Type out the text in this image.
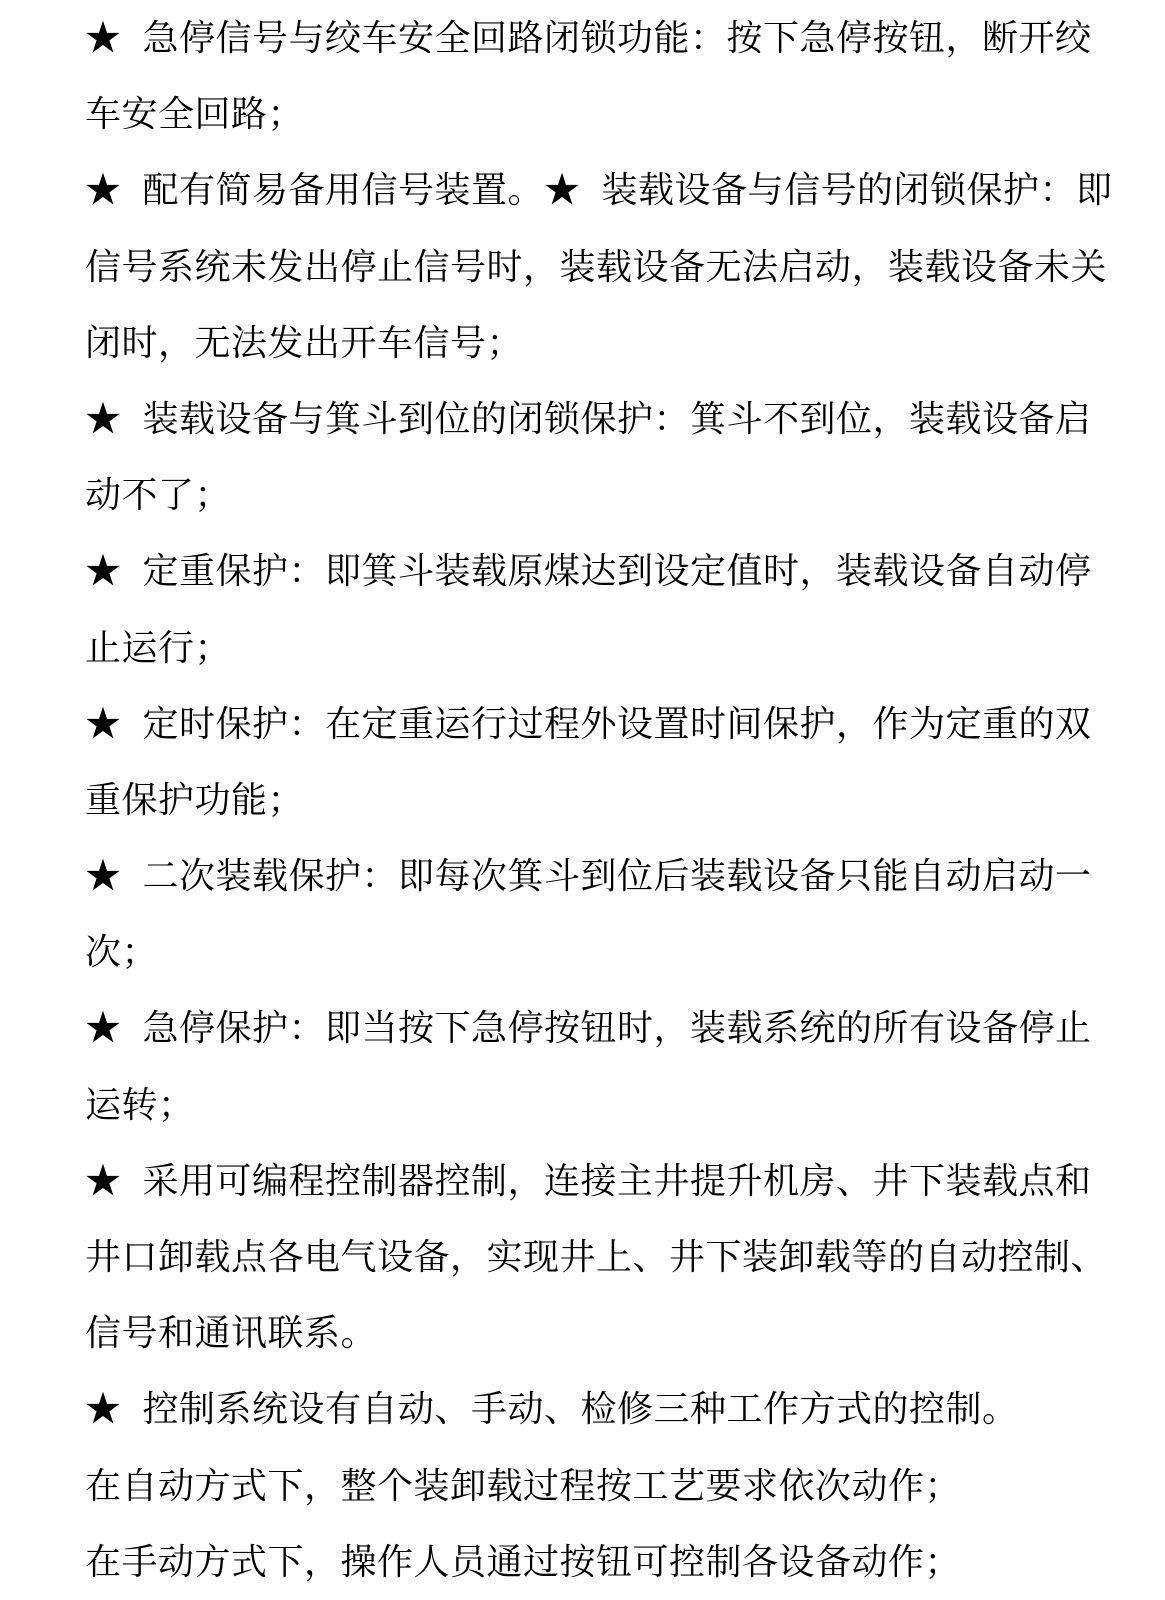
★  急停信号与绞车安全回路闭锁功能：按下急停按钮，断开绞
车安全回路；
★  配有简易备用信号装置。★  装载设备与信号的闭锁保护：即
信号系统未发出停止信号时，装载设备无法启动，装载设备未关
闭时，无法发出开车信号；
★  装载设备与箕斗到位的闭锁保护：箕斗不到位，装载设备启
动不了；
★  定重保护：即箕斗装载原煤达到设定值时，装载设备自动停
止运行；
★  定时保护：在定重运行过程外设置时间保护，作为定重的双
重保护功能；
★  二次装载保护：即每次箕斗到位后装载设备只能自动启动一
次；
★  急停保护：即当按下急停按钮时，装载系统的所有设备停止
运转；
★  采用可编程控制器控制，连接主井提升机房、井下装载点和
井口卸载点各电气设备，实现井上、井下装卸载等的自动控制、
信号和通讯联系。
★  控制系统设有自动、手动、检修三种工作方式的控制。
在自动方式下，整个装卸载过程按工艺要求依次动作；
在手动方式下，操作人员通过按钮可控制各设备动作；
